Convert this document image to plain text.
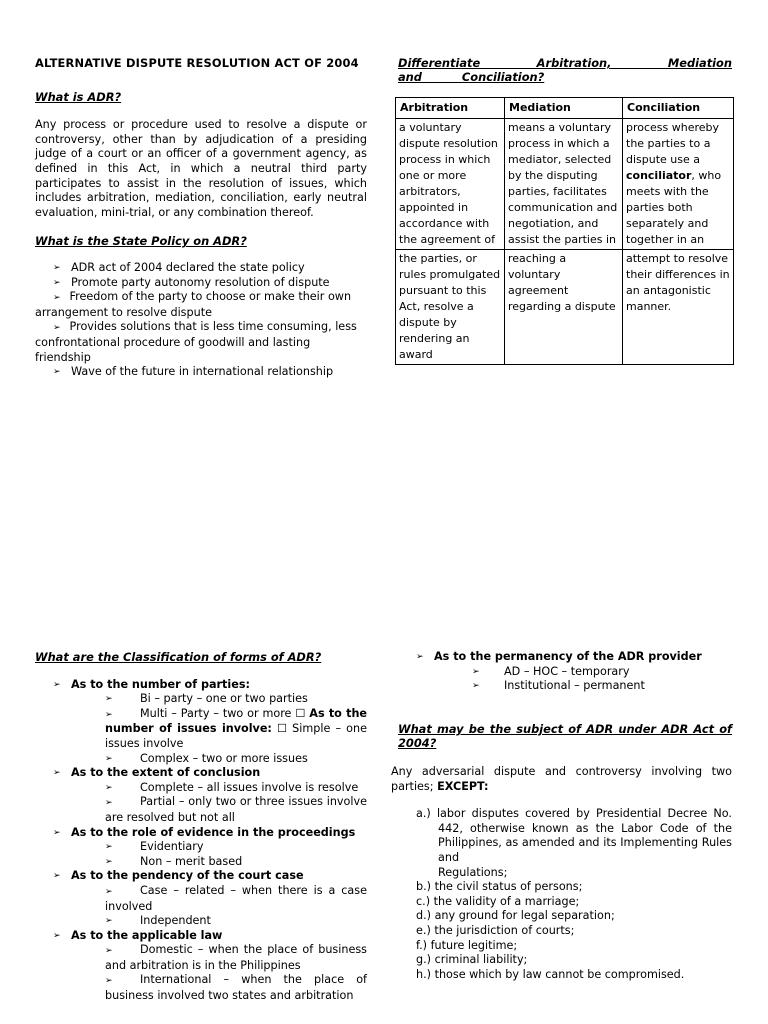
ALTERNATIVE DISPUTE RESOLUTION ACT OF 2004

What is ADR?

Any process or procedure used to resolve a dispute or controversy, other than by adjudication of a presiding judge of a court or an officer of a government agency, as defined in this Act, in which a neutral third party participates to assist in the resolution of issues, which includes arbitration, mediation, conciliation, early neutral evaluation, mini-trial, or any combination thereof.

What is the State Policy on ADR?

➢ ADR act of 2004 declared the state policy
➢ Promote party autonomy resolution of dispute
➢ Freedom of the party to choose or make their own arrangement to resolve dispute
➢ Provides solutions that is less time consuming, less confrontational procedure of goodwill and lasting friendship
➢ Wave of the future in international relationship

Differentiate Arbitration, Mediation and Conciliation?

Arbitration	Mediation	Conciliation
a voluntary dispute resolution process in which one or more arbitrators, appointed in accordance with the agreement of	means a voluntary process in which a mediator, selected by the disputing parties, facilitates communication and negotiation, and assist the parties in	process whereby the parties to a dispute use a conciliator, who meets with the parties both separately and together in an
the parties, or rules promulgated pursuant to this Act, resolve a dispute by rendering an award	reaching a voluntary agreement regarding a dispute	attempt to resolve their differences in an antagonistic manner.

What are the Classification of forms of ADR?

➢ As to the number of parties:
➢ Bi – party – one or two parties
➢ Multi – Party – two or more ☐ As to the number of issues involve: ☐ Simple – one issues involve
➢ Complex – two or more issues
➢ As to the extent of conclusion
➢ Complete – all issues involve is resolve
➢ Partial – only two or three issues involve are resolved but not all
➢ As to the role of evidence in the proceedings
➢ Evidentiary
➢ Non – merit based
➢ As to the pendency of the court case
➢ Case – related – when there is a case involved
➢ Independent
➢ As to the applicable law
➢ Domestic – when the place of business and arbitration is in the Philippines
➢ International – when the place of business involved two states and arbitration
➢ As to the permanency of the ADR provider
➢ AD – HOC – temporary
➢ Institutional – permanent

What may be the subject of ADR under ADR Act of 2004?

Any adversarial dispute and controversy involving two parties; EXCEPT:

a.) labor disputes covered by Presidential Decree No. 442, otherwise known as the Labor Code of the Philippines, as amended and its Implementing Rules and
Regulations;
b.) the civil status of persons;
c.) the validity of a marriage;
d.) any ground for legal separation;
e.) the jurisdiction of courts;
f.) future legitime;
g.) criminal liability;
h.) those which by law cannot be compromised.
